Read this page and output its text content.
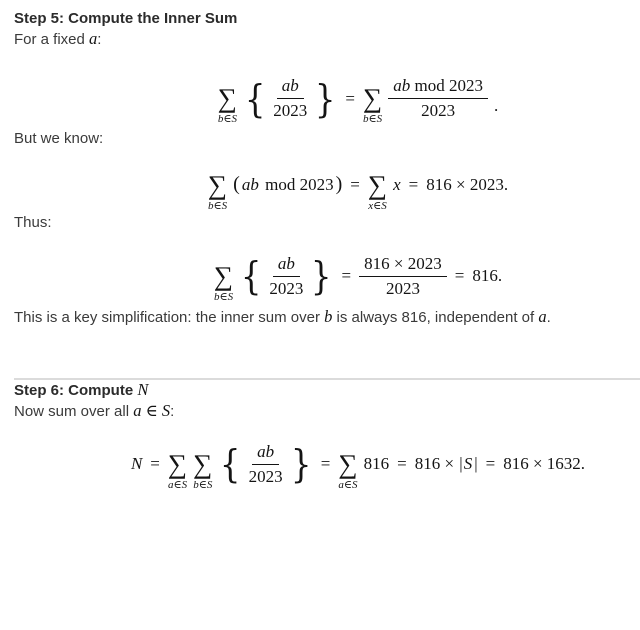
Step 5: Compute the Inner Sum

For a fixed a:

∑
b∈S { $\frac{ab}{2023}$ } = ∑
b∈S $\frac{\text{ab mod 2023}}{2023}$ .

But we know:

∑
b∈S
( ab mod 2023 ) = ∑
x∈S
x = 816 × 2023.

Thus:

∑
b∈S { $\frac{ab}{2023}$ } = $\frac{816 \times 2023}{2023} = 816$.

This is a key simplification: the inner sum over b is always 816, independent of a.

Step 6: Compute N

Now sum over all a ∈ S:

N = ∑
a∈S
∑
b∈S { $\frac{ab}{2023}$ } = ∑
a∈S
816 = 816 × | S | = 816 × 1632.
